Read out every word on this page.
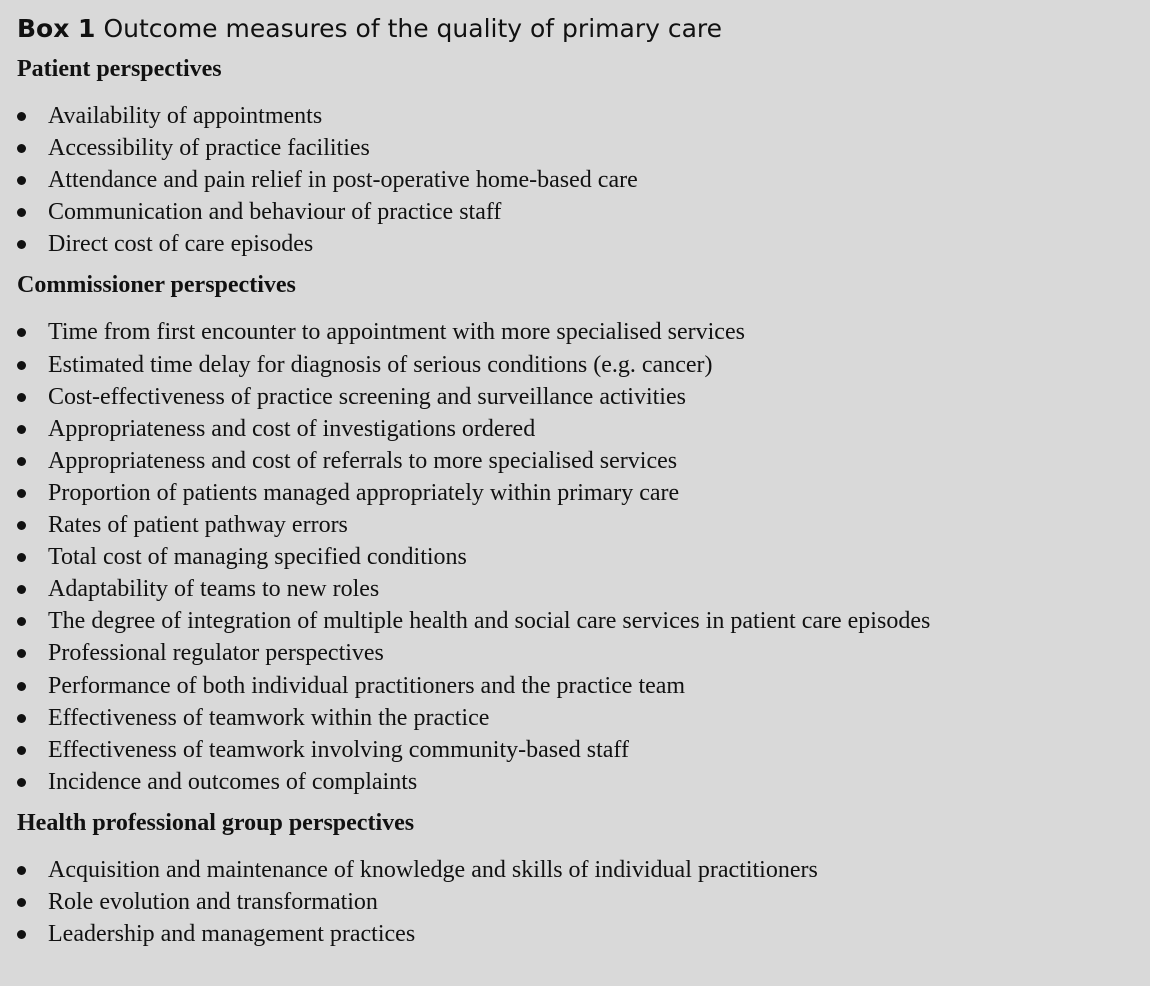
Box 1 Outcome measures of the quality of primary care
Patient perspectives
Availability of appointments
Accessibility of practice facilities
Attendance and pain relief in post-operative home-based care
Communication and behaviour of practice staff
Direct cost of care episodes
Commissioner perspectives
Time from first encounter to appointment with more specialised services
Estimated time delay for diagnosis of serious conditions (e.g. cancer)
Cost-effectiveness of practice screening and surveillance activities
Appropriateness and cost of investigations ordered
Appropriateness and cost of referrals to more specialised services
Proportion of patients managed appropriately within primary care
Rates of patient pathway errors
Total cost of managing specified conditions
Adaptability of teams to new roles
The degree of integration of multiple health and social care services in patient care episodes
Professional regulator perspectives
Performance of both individual practitioners and the practice team
Effectiveness of teamwork within the practice
Effectiveness of teamwork involving community-based staff
Incidence and outcomes of complaints
Health professional group perspectives
Acquisition and maintenance of knowledge and skills of individual practitioners
Role evolution and transformation
Leadership and management practices
